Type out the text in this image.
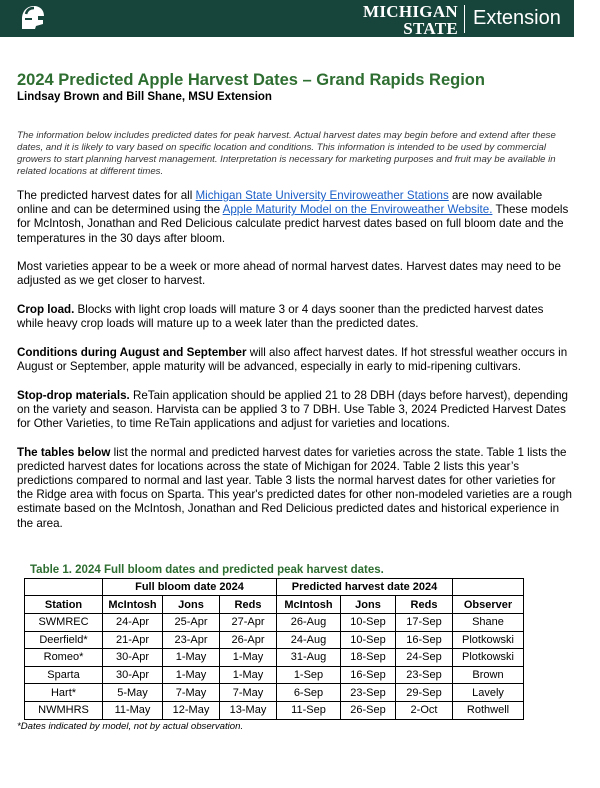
MICHIGAN STATE
UNIVERSITY
Extension
2024 Predicted Apple Harvest Dates – Grand Rapids Region
Lindsay Brown and Bill Shane, MSU Extension
The information below includes predicted dates for peak harvest. Actual harvest dates may begin before and extend after these dates, and it is likely to vary based on specific location and conditions. This information is intended to be used by commercial growers to start planning harvest management. Interpretation is necessary for marketing purposes and fruit may be available in related locations at different times.

The predicted harvest dates for all Michigan State University Enviroweather Stations are now available online and can be determined using the Apple Maturity Model on the Enviroweather Website. These models for McIntosh, Jonathan and Red Delicious calculate predict harvest dates based on full bloom date and the temperatures in the 30 days after bloom.

Most varieties appear to be a week or more ahead of normal harvest dates. Harvest dates may need to be adjusted as we get closer to harvest.

Crop load. Blocks with light crop loads will mature 3 or 4 days sooner than the predicted harvest dates while heavy crop loads will mature up to a week later than the predicted dates.

Conditions during August and September will also affect harvest dates. If hot stressful weather occurs in August or September, apple maturity will be advanced, especially in early to mid-ripening cultivars.

Stop-drop materials. ReTain application should be applied 21 to 28 DBH (days before harvest), depending on the variety and season. Harvista can be applied 3 to 7 DBH. Use Table 3, 2024 Predicted Harvest Dates for Other Varieties, to time ReTain applications and adjust for varieties and locations.

The tables below list the normal and predicted harvest dates for varieties across the state. Table 1 lists the predicted harvest dates for locations across the state of Michigan for 2024. Table 2 lists this year’s predictions compared to normal and last year. Table 3 lists the normal harvest dates for other varieties for the Ridge area with focus on Sparta. This year's predicted dates for other non-modeled varieties are a rough estimate based on the McIntosh, Jonathan and Red Delicious predicted dates and historical experience in the area.

Table 1. 2024 Full bloom dates and predicted peak harvest dates.
	Full bloom date 2024			Predicted harvest date 2024			
Station	McIntosh	Jons	Reds	McIntosh	Jons	Reds	Observer
SWMREC	24-Apr	25-Apr	27-Apr	26-Aug	10-Sep	17-Sep	Shane
Deerfield*	21-Apr	23-Apr	26-Apr	24-Aug	10-Sep	16-Sep	Plotkowski
Romeo*	30-Apr	1-May	1-May	31-Aug	18-Sep	24-Sep	Plotkowski
Sparta	30-Apr	1-May	1-May	1-Sep	16-Sep	23-Sep	Brown
Hart*	5-May	7-May	7-May	6-Sep	23-Sep	29-Sep	Lavely
NWMHRS	11-May	12-May	13-May	11-Sep	26-Sep	2-Oct	Rothwell
*Dates indicated by model, not by actual observation.
